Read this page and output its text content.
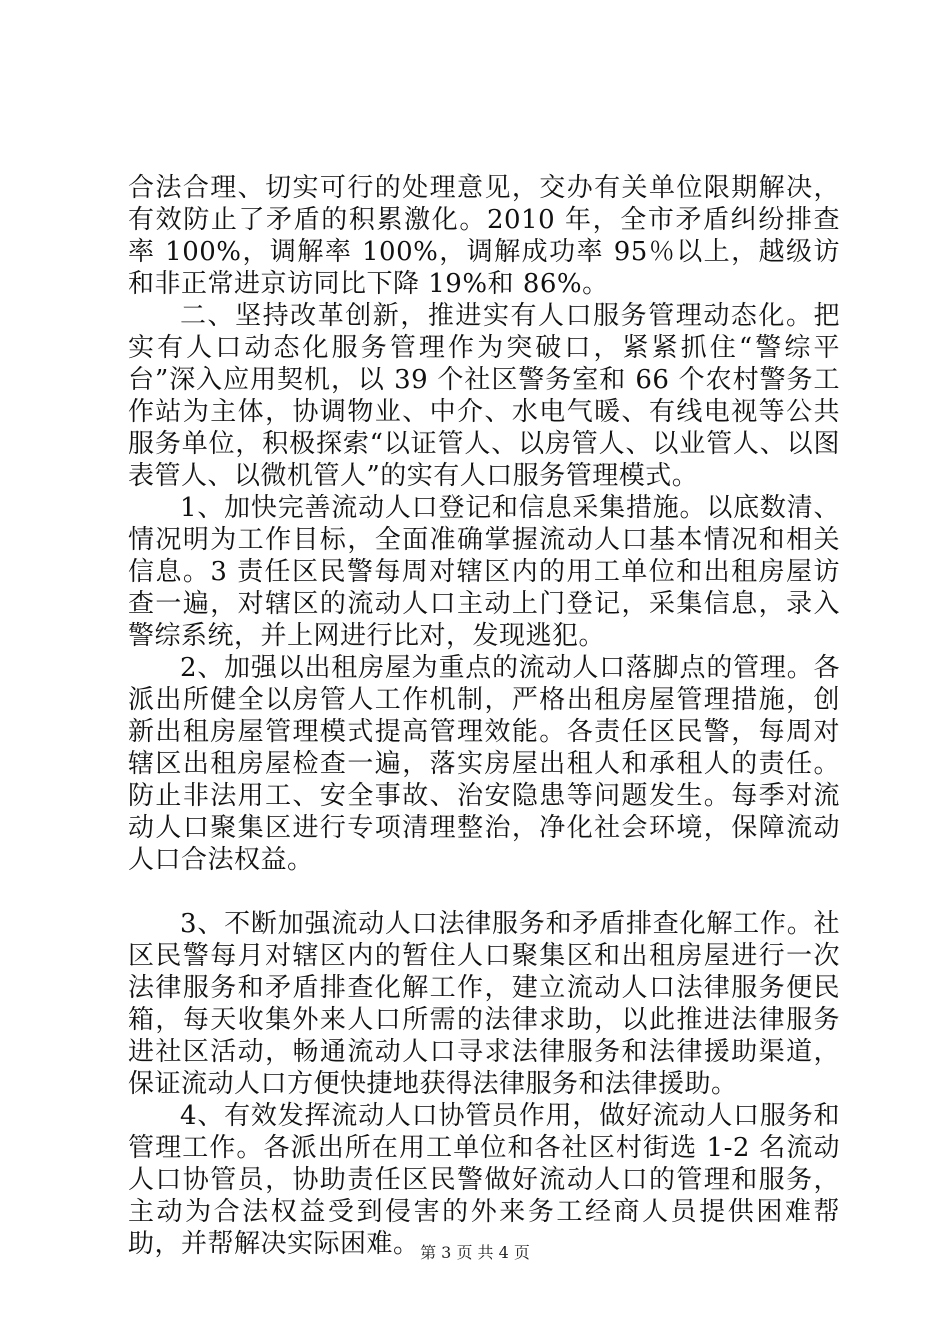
合法合理、切实可行的处理意见，交办有关单位限期解决，有效防止了矛盾的积累激化。2010 年，全市矛盾纠纷排查率 100%，调解率 100%，调解成功率 95％以上，越级访和非正常进京访同比下降 19%和 86%。

二、坚持改革创新，推进实有人口服务管理动态化。把实有人口动态化服务管理作为突破口，紧紧抓住“警综平台”深入应用契机，以 39 个社区警务室和 66 个农村警务工作站为主体，协调物业、中介、水电气暖、有线电视等公共服务单位，积极探索“以证管人、以房管人、以业管人、以图表管人、以微机管人”的实有人口服务管理模式。

1、加快完善流动人口登记和信息采集措施。以底数清、情况明为工作目标，全面准确掌握流动人口基本情况和相关信息。3 责任区民警每周对辖区内的用工单位和出租房屋访查一遍，对辖区的流动人口主动上门登记，采集信息，录入警综系统，并上网进行比对，发现逃犯。

2、加强以出租房屋为重点的流动人口落脚点的管理。各派出所健全以房管人工作机制，严格出租房屋管理措施，创新出租房屋管理模式提高管理效能。各责任区民警，每周对辖区出租房屋检查一遍，落实房屋出租人和承租人的责任。防止非法用工、安全事故、治安隐患等问题发生。每季对流动人口聚集区进行专项清理整治，净化社会环境，保障流动人口合法权益。

3、不断加强流动人口法律服务和矛盾排查化解工作。社区民警每月对辖区内的暂住人口聚集区和出租房屋进行一次法律服务和矛盾排查化解工作，建立流动人口法律服务便民箱，每天收集外来人口所需的法律求助，以此推进法律服务进社区活动，畅通流动人口寻求法律服务和法律援助渠道，保证流动人口方便快捷地获得法律服务和法律援助。

4、有效发挥流动人口协管员作用，做好流动人口服务和管理工作。各派出所在用工单位和各社区村街选 1-2 名流动人口协管员，协助责任区民警做好流动人口的管理和服务，主动为合法权益受到侵害的外来务工经商人员提供困难帮助，并帮解决实际困难。 第 3 页 共 4 页
